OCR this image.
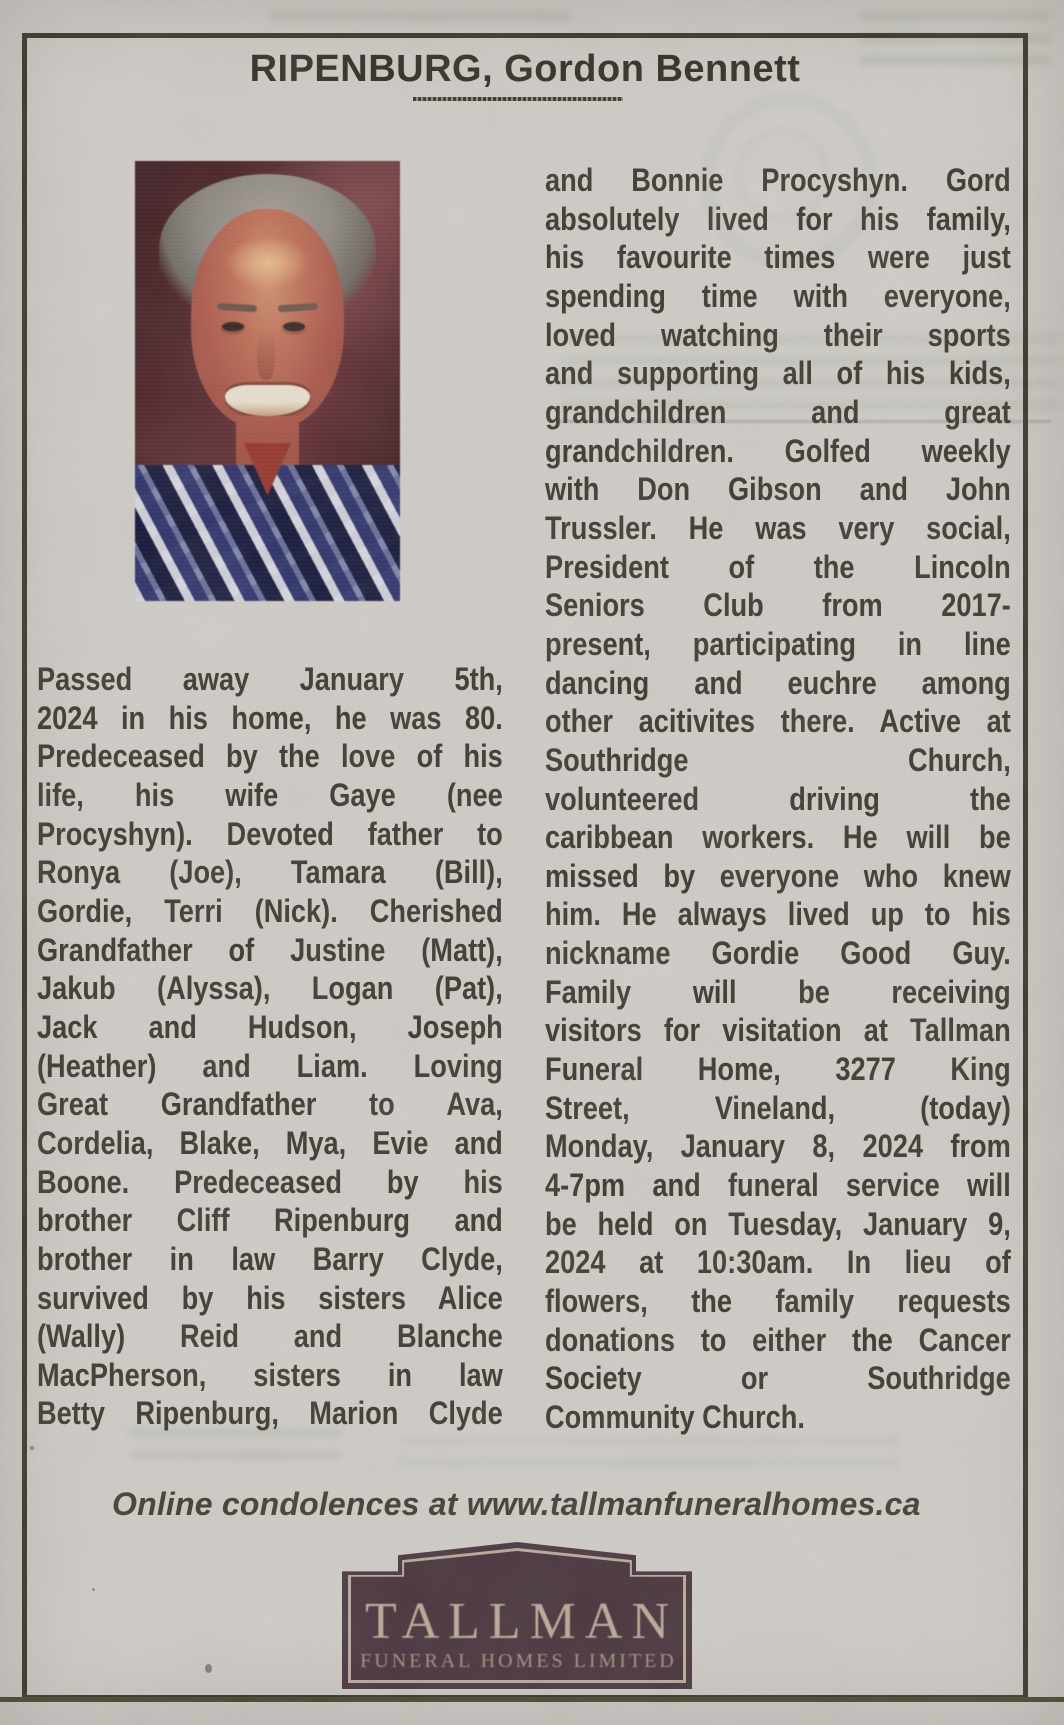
RIPENBURG, Gordon Bennett
Passed away January 5th,
2024 in his home, he was 80.
Predeceased by the love of his
life, his wife Gaye (nee
Procyshyn). Devoted father to
Ronya (Joe), Tamara (Bill),
Gordie, Terri (Nick). Cherished
Grandfather of Justine (Matt),
Jakub (Alyssa), Logan (Pat),
Jack and Hudson, Joseph
(Heather) and Liam. Loving
Great Grandfather to Ava,
Cordelia, Blake, Mya, Evie and
Boone. Predeceased by his
brother Cliff Ripenburg and
brother in law Barry Clyde,
survived by his sisters Alice
(Wally) Reid and Blanche
MacPherson, sisters in law
Betty Ripenburg, Marion Clyde
and Bonnie Procyshyn. Gord
absolutely lived for his family,
his favourite times were just
spending time with everyone,
loved watching their sports
and supporting all of his kids,
grandchildren and great
grandchildren. Golfed weekly
with Don Gibson and John
Trussler. He was very social,
President of the Lincoln
Seniors Club from 2017-
present, participating in line
dancing and euchre among
other acitivites there. Active at
Southridge Church,
volunteered driving the
caribbean workers. He will be
missed by everyone who knew
him. He always lived up to his
nickname Gordie Good Guy.
Family will be receiving
visitors for visitation at Tallman
Funeral Home, 3277 King
Street, Vineland, (today)
Monday, January 8, 2024 from
4-7pm and funeral service will
be held on Tuesday, January 9,
2024 at 10:30am. In lieu of
flowers, the family requests
donations to either the Cancer
Society or Southridge
Community Church.
Online condolences at www.tallmanfuneralhomes.ca
TALLMAN
FUNERAL HOMES LIMITED
